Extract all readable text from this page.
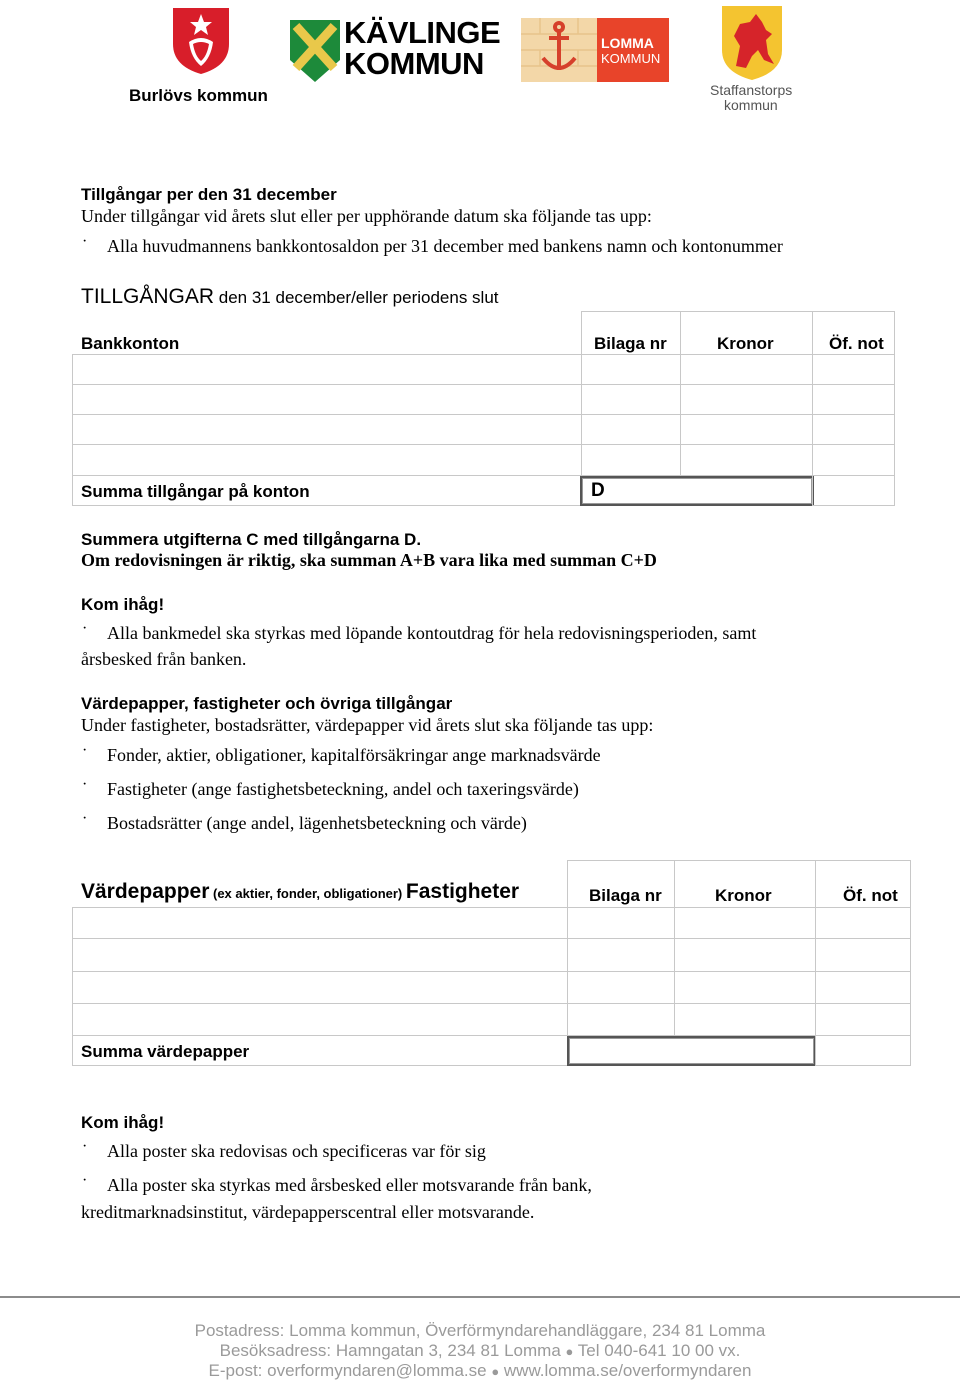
Burlövs kommun
KÄVLINGE
KOMMUN
LOMMA
KOMMUN
Staffanstorps
kommun
Tillgångar per den 31 december
Under tillgångar vid årets slut eller per upphörande datum ska följande tas upp:
· Alla huvudmannens bankkontosaldon per 31 december med bankens namn och kontonummer
TILLGÅNGAR den 31 december/eller periodens slut
Bankkonton	Bilaga nr	Kronor	Öf. not
Summa tillgångar på konton	D
Summera utgifterna C med tillgångarna D.
Om redovisningen är riktig, ska summan A+B vara lika med summan C+D
Kom ihåg!
· Alla bankmedel ska styrkas med löpande kontoutdrag för hela redovisningsperioden, samt
årsbesked från banken.
Värdepapper, fastigheter och övriga tillgångar
Under fastigheter, bostadsrätter, värdepapper vid årets slut ska följande tas upp:
· Fonder, aktier, obligationer, kapitalförsäkringar ange marknadsvärde
· Fastigheter (ange fastighetsbeteckning, andel och taxeringsvärde)
· Bostadsrätter (ange andel, lägenhetsbeteckning och värde)
Värdepapper (ex aktier, fonder, obligationer) Fastigheter	Bilaga nr	Kronor	Öf. not
Summa värdepapper
Kom ihåg!
· Alla poster ska redovisas och specificeras var för sig
· Alla poster ska styrkas med årsbesked eller motsvarande från bank,
kreditmarknadsinstitut, värdepapperscentral eller motsvarande.
Postadress: Lomma kommun, Överförmyndarehandläggare, 234 81 Lomma
Besöksadress: Hamngatan 3, 234 81 Lomma ● Tel 040-641 10 00 vx.
E-post: overformyndaren@lomma.se ● www.lomma.se/overformyndaren
